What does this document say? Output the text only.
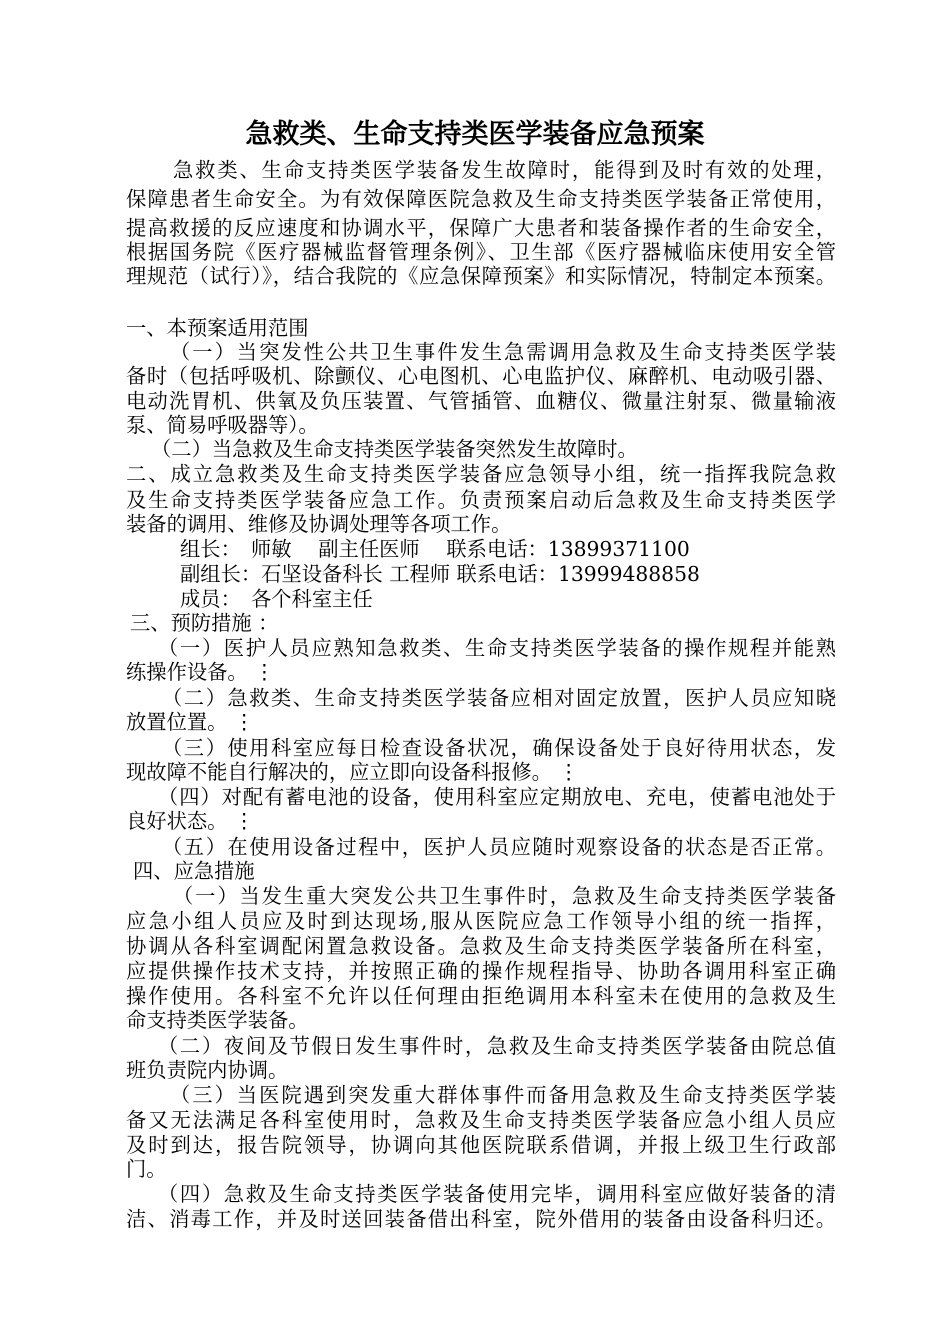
急救类、生命支持类医学装备应急预案
急救类、生命支持类医学装备发生故障时，能得到及时有效的处理，
保障患者生命安全。为有效保障医院急救及生命支持类医学装备正常使用，
提高救援的反应速度和协调水平，保障广大患者和装备操作者的生命安全，
根据国务院《医疗器械监督管理条例》、卫生部《医疗器械临床使用安全管
理规范（试行）》，结合我院的《应急保障预案》和实际情况，特制定本预案。
一、本预案适用范围
（一）当突发性公共卫生事件发生急需调用急救及生命支持类医学装
备时（包括呼吸机、除颤仪、心电图机、心电监护仪、麻醉机、电动吸引器、
电动洗胃机、供氧及负压装置、气管插管、血糖仪、微量注射泵、微量输液
泵、简易呼吸器等）。
（二）当急救及生命支持类医学装备突然发生故障时。
二、成立急救类及生命支持类医学装备应急领导小组，统一指挥我院急救
及生命支持类医学装备应急工作。负责预案启动后急救及生命支持类医学
装备的调用、维修及协调处理等各项工作。
组长：　师敏　 副主任医师　 联系电话：13899371100
副组长：石坚设备科长 工程师 联系电话：13999488858
成员：　各个科室主任
三、预防措施 ：
（一）医护人员应熟知急救类、生命支持类医学装备的操作规程并能熟
练操作设备。 ⋮
（二）急救类、生命支持类医学装备应相对固定放置，医护人员应知晓
放置位置。 ⋮
（三）使用科室应每日检查设备状况，确保设备处于良好待用状态，发
现故障不能自行解决的，应立即向设备科报修。 ⋮
（四）对配有蓄电池的设备，使用科室应定期放电、充电，使蓄电池处于
良好状态。 ⋮
（五）在使用设备过程中，医护人员应随时观察设备的状态是否正常。
四、应急措施
（一）当发生重大突发公共卫生事件时，急救及生命支持类医学装备
应急小组人员应及时到达现场,服从医院应急工作领导小组的统一指挥，
协调从各科室调配闲置急救设备。急救及生命支持类医学装备所在科室，
应提供操作技术支持，并按照正确的操作规程指导、协助各调用科室正确
操作使用。各科室不允许以任何理由拒绝调用本科室未在使用的急救及生
命支持类医学装备。
（二）夜间及节假日发生事件时，急救及生命支持类医学装备由院总值
班负责院内协调。
（三）当医院遇到突发重大群体事件而备用急救及生命支持类医学装
备又无法满足各科室使用时，急救及生命支持类医学装备应急小组人员应
及时到达，报告院领导，协调向其他医院联系借调，并报上级卫生行政部
门。
（四）急救及生命支持类医学装备使用完毕，调用科室应做好装备的清
洁、消毒工作，并及时送回装备借出科室，院外借用的装备由设备科归还。
